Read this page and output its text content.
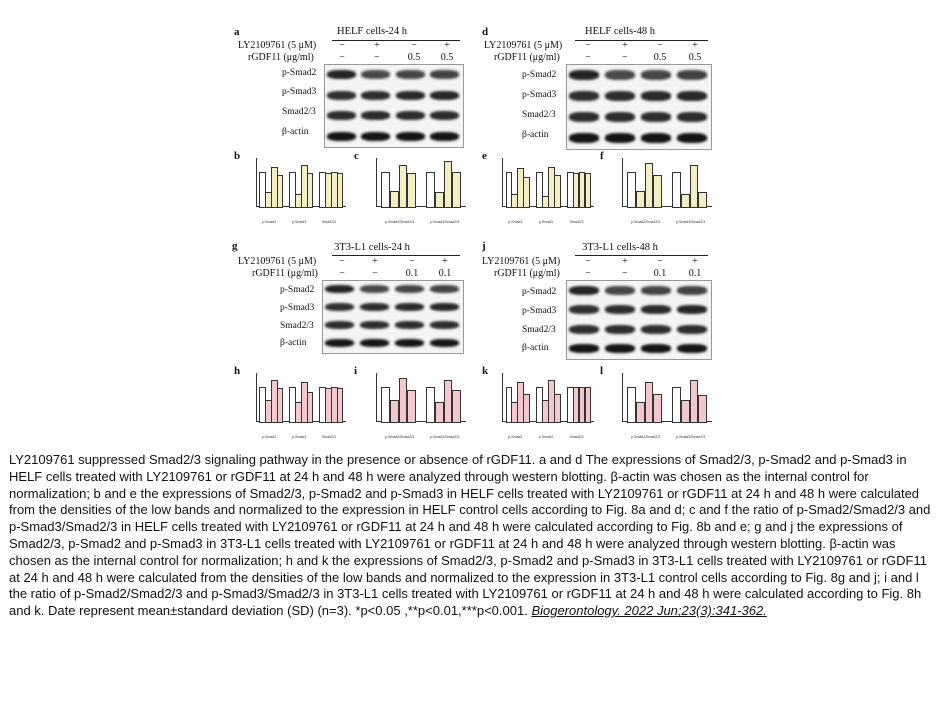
a	HELF cells-24 h
LY2109761 (5 μM)	−	+	−	+
rGDF11 (μg/ml)	−	−	0.5	0.5
p-Smad2
p-Smad3
Smad2/3
β-actin
d	HELF cells-48 h
LY2109761 (5 μM)	−	+	−	+
rGDF11 (μg/ml)	−	−	0.5	0.5
p-Smad2
p-Smad3
Smad2/3
β-actin
g	3T3-L1 cells-24 h
LY2109761 (5 μM)	−	+	−	+
rGDF11 (μg/ml)	−	−	0.1	0.1
p-Smad2
p-Smad3
Smad2/3
β-actin
j	3T3-L1 cells-48 h
LY2109761 (5 μM)	−	+	−	+
rGDF11 (μg/ml)	−	−	0.1	0.1
p-Smad2
p-Smad3
Smad2/3
β-actin
b
p-Smad2	p-Smad3	Smad2/3
c
p-Smad2/Smad2/3	p-Smad3/Smad2/3
e
p-Smad2	p-Smad3	Smad2/3
f
p-Smad2/Smad2/3	p-Smad3/Smad2/3
h
p-Smad2	p-Smad3	Smad2/3
i
p-Smad2/Smad2/3	p-Smad3/Smad2/3
k
p-Smad2	p-Smad3	Smad2/3
l
p-Smad2/Smad2/3	p-Smad3/Smad2/3
LY2109761 suppressed Smad2/3 signaling pathway in the presence or absence of rGDF11. a and d The expressions of Smad2/3, p-Smad2 and p-Smad3 in HELF cells treated with LY2109761 or rGDF11 at 24 h and 48 h were analyzed through western blotting. β-actin was chosen as the internal control for normalization; b and e the expressions of Smad2/3, p-Smad2 and p-Smad3 in HELF cells treated with LY2109761 or rGDF11 at 24 h and 48 h were calculated from the densities of the low bands and normalized to the expression in HELF control cells according to Fig. 8a and d; c and f the ratio of p-Smad2/Smad2/3 and p-Smad3/Smad2/3 in HELF cells treated with LY2109761 or rGDF11 at 24 h and 48 h were calculated according to Fig. 8b and e; g and j the expressions of Smad2/3, p-Smad2 and p-Smad3 in 3T3-L1 cells treated with LY2109761 or rGDF11 at 24 h and 48 h were analyzed through western blotting. β-actin was chosen as the internal control for normalization; h and k the expressions of Smad2/3, p-Smad2 and p-Smad3 in 3T3-L1 cells treated with LY2109761 or rGDF11 at 24 h and 48 h were calculated from the densities of the low bands and normalized to the expression in 3T3-L1 control cells according to Fig. 8g and j; i and l the ratio of p-Smad2/Smad2/3 and p-Smad3/Smad2/3 in 3T3-L1 cells treated with LY2109761 or rGDF11 at 24 h and 48 h were calculated according to Fig. 8h and k. Date represent mean±standard deviation (SD) (n=3). *p<0.05 ,**p<0.01,***p<0.001. Biogerontology. 2022 Jun;23(3):341-362.
